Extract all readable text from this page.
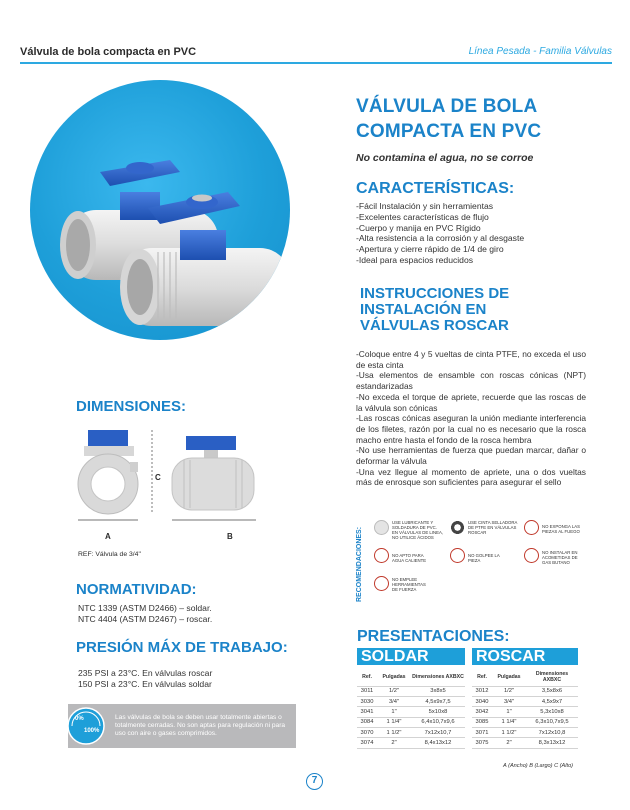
Válvula de bola compacta en PVC	Línea Pesada - Familia Válvulas
VÁLVULA DE BOLA
COMPACTA EN PVC
No contamina el agua, no se corroe
CARACTERÍSTICAS:
-Fácil Instalación y sin herramientas
-Excelentes características de flujo
-Cuerpo y manija en PVC Rígido
-Alta resistencia a la corrosión y al desgaste
-Apertura y cierre rápido de 1/4 de giro
-Ideal para espacios reducidos
INSTRUCCIONES DE
INSTALACIÓN EN
VÁLVULAS ROSCAR
-Coloque entre 4 y 5 vueltas de cinta PTFE, no exceda el uso de esta cinta
-Usa elementos de ensamble con roscas cónicas (NPT) estandarizadas
-No exceda el torque de apriete, recuerde que las roscas de la válvula son cónicas
-Las roscas cónicas aseguran la unión mediante interferencia de los filetes, razón por la cual no es necesario que la rosca macho entre hasta el fondo de la rosca hembra
-No use herramientas de fuerza que puedan marcar, dañar o deformar la válvula
-Una vez llegue al momento de apriete, una o dos vueltas más de enrosque son suficientes para asegurar el sello
RECOMENDACIONES:
USE LUBRICANTE Y SOLDADURA DE PVC. EN VÁLVULAS DE LINEA, NO UTILICE ÁCIDOS
USE CINTA SELLADORA DE PTFE EN VÁLVULAS ROSCAR
NO EXPONGA LAS PIEZAS AL FUEGO
NO APTO PARA AGUA CALIENTE
NO GOLPEE LA PIEZA
NO INSTALAR EN ACOMETIDAS DE GAS BUTANO
NO EMPLEE HERRAMIENTAS DE FUERZA
DIMENSIONES:
A	B
C
REF: Válvula de 3/4"
NORMATIVIDAD:
NTC 1339 (ASTM D2466) – soldar.
NTC 4404 (ASTM D2467) – roscar.
PRESIÓN MÁX DE TRABAJO:
235 PSI a 23°C. En válvulas roscar
150 PSI a 23°C. En válvulas soldar
Las válvulas de bola se deben usar totalmente abiertas o totalmente cerradas. No son aptas para regulación ni para uso con aire o gases comprimidos.
0%
100%
PRESENTACIONES:
SOLDAR	ROSCAR
Ref.	Pulgadas	Dimensiones AXBXC
3011	1/2"	3x8x5
3030	3/4"	4,5x9x7,5
3041	1"	5x10x8
3084	1 1/4"	6,4x10,7x9,6
3070	1 1/2"	7x12x10,7
3074	2"	8,4x13x12
Ref.	Pulgadas	Dimensiones AXBXC
3012	1/2"	3,5x8x6
3040	3/4"	4,5x9x7
3042	1"	5,3x10x8
3085	1 1/4"	6,3x10,7x9,5
3071	1 1/2"	7x12x10,8
3075	2"	8,3x13x12
A (Ancho) B (Largo) C (Alto)
7
